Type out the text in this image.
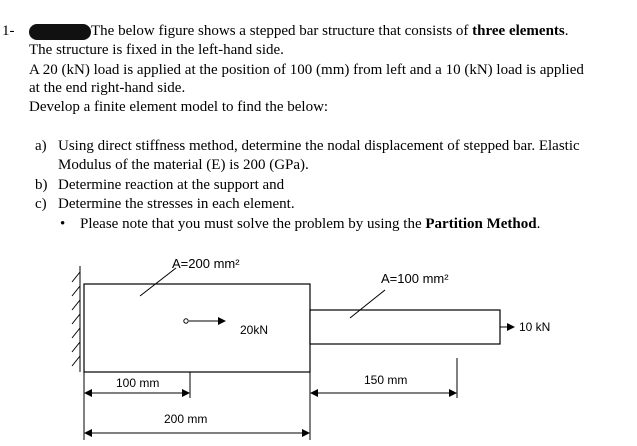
1-	The below figure shows a stepped bar structure that consists of three elements.
The structure is fixed in the left-hand side.
A 20 (kN) load is applied at the position of 100 (mm) from left and a 10 (kN) load is applied
at the end right-hand side.
Develop a finite element model to find the below:
a) Using direct stiffness method, determine the nodal displacement of stepped bar. Elastic
Modulus of the material (E) is 200 (GPa).
b) Determine reaction at the support and
c) Determine the stresses in each element.
• Please note that you must solve the problem by using the Partition Method.
A=200 mm²
A=100 mm²
20kN	10 kN
100 mm	150 mm
200 mm
